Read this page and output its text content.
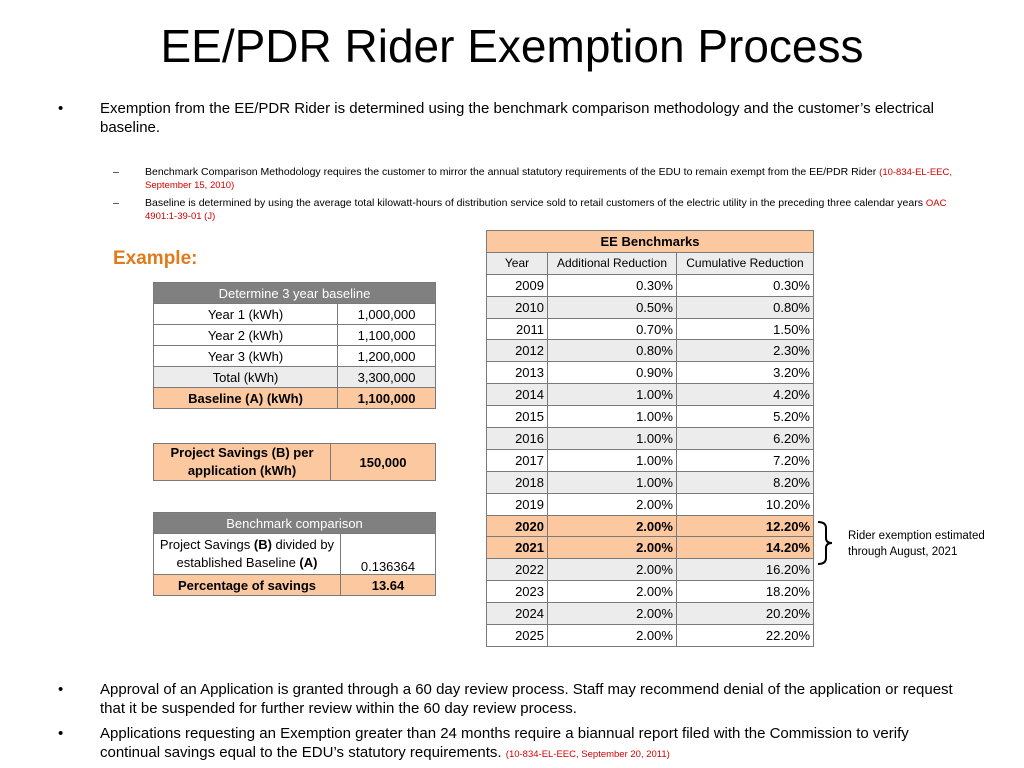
EE/PDR Rider Exemption Process
• Exemption from the EE/PDR Rider is determined using the benchmark comparison methodology and the customer’s electrical baseline.
– Benchmark Comparison Methodology requires the customer to mirror the annual statutory requirements of the EDU to remain exempt from the EE/PDR Rider (10-834-EL-EEC, September 15, 2010)
– Baseline is determined by using the average total kilowatt-hours of distribution service sold to retail customers of the electric utility in the preceding three calendar years OAC 4901:1-39-01 (J)
Example:
Determine 3 year baseline	
Year 1 (kWh)	1,000,000
Year 2 (kWh)	1,100,000
Year 3 (kWh)	1,200,000
Total (kWh)	3,300,000
Baseline (A) (kWh)	1,100,000
Project Savings (B) per application (kWh)	150,000
Benchmark comparison	
Project Savings (B) divided by established Baseline (A)	0.136364
Percentage of savings	13.64
EE Benchmarks		
Year	Additional Reduction	Cumulative Reduction
2009	0.30%	0.30%
2010	0.50%	0.80%
2011	0.70%	1.50%
2012	0.80%	2.30%
2013	0.90%	3.20%
2014	1.00%	4.20%
2015	1.00%	5.20%
2016	1.00%	6.20%
2017	1.00%	7.20%
2018	1.00%	8.20%
2019	2.00%	10.20%
2020	2.00%	12.20%
2021	2.00%	14.20%
2022	2.00%	16.20%
2023	2.00%	18.20%
2024	2.00%	20.20%
2025	2.00%	22.20%
Rider exemption estimated through August, 2021
• Approval of an Application is granted through a 60 day review process. Staff may recommend denial of the application or request that it be suspended for further review within the 60 day review process.
• Applications requesting an Exemption greater than 24 months require a biannual report filed with the Commission to verify continual savings equal to the EDU’s statutory requirements. (10-834-EL-EEC, September 20, 2011)
